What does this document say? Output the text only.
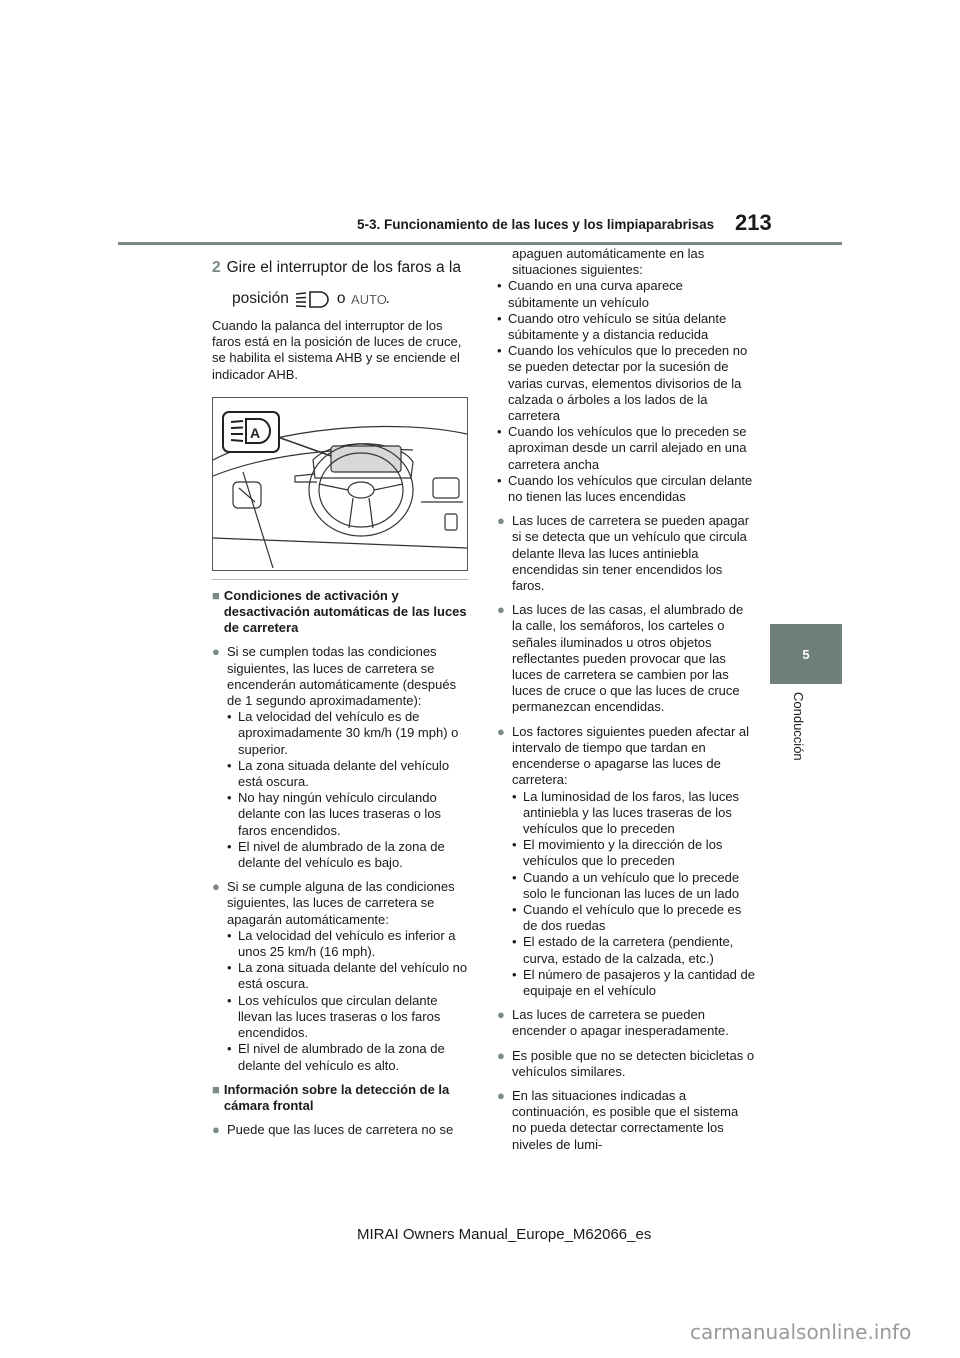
5-3. Funcionamiento de las luces y los limpiaparabrisas 213
5
Conducción

2 Gire el interruptor de los faros a la

posición	o AUTO .

Cuando la palanca del interruptor de los faros está en la posición de luces de cruce, se habilita el sistema AHB y se enciende el indicador AHB.

A
■ Condiciones de activación y desactivación automáticas de las luces de carretera
● Si se cumplen todas las condiciones siguientes, las luces de carretera se encenderán automáticamente (después de 1 segundo aproximadamente):
• La velocidad del vehículo es de aproximadamente 30 km/h (19 mph) o superior.
• La zona situada delante del vehículo está oscura.
• No hay ningún vehículo circulando delante con las luces traseras o los faros encendidos.
• El nivel de alumbrado de la zona de delante del vehículo es bajo.
● Si se cumple alguna de las condiciones siguientes, las luces de carretera se apagarán automáticamente:
• La velocidad del vehículo es inferior a unos 25 km/h (16 mph).
• La zona situada delante del vehículo no está oscura.
• Los vehículos que circulan delante llevan las luces traseras o los faros encendidos.
• El nivel de alumbrado de la zona de delante del vehículo es alto.
■ Información sobre la detección de la cámara frontal
● Puede que las luces de carretera no se
apaguen automáticamente en las situaciones siguientes:
• Cuando en una curva aparece súbitamente un vehículo
• Cuando otro vehículo se sitúa delante súbitamente y a distancia reducida
• Cuando los vehículos que lo preceden no se pueden detectar por la sucesión de varias curvas, elementos divisorios de la calzada o árboles a los lados de la carretera
• Cuando los vehículos que lo preceden se aproximan desde un carril alejado en una carretera ancha
• Cuando los vehículos que circulan delante no tienen las luces encendidas
● Las luces de carretera se pueden apagar si se detecta que un vehículo que circula delante lleva las luces antiniebla encendidas sin tener encendidos los faros.
● Las luces de las casas, el alumbrado de la calle, los semáforos, los carteles o señales iluminados u otros objetos reflectantes pueden provocar que las luces de carretera se cambien por las luces de cruce o que las luces de cruce permanezcan encendidas.
● Los factores siguientes pueden afectar al intervalo de tiempo que tardan en encenderse o apagarse las luces de carretera:
• La luminosidad de los faros, las luces antiniebla y las luces traseras de los vehículos que lo preceden
• El movimiento y la dirección de los vehículos que lo preceden
• Cuando a un vehículo que lo precede solo le funcionan las luces de un lado
• Cuando el vehículo que lo precede es de dos ruedas
• El estado de la carretera (pendiente, curva, estado de la calzada, etc.)
• El número de pasajeros y la cantidad de equipaje en el vehículo
● Las luces de carretera se pueden encender o apagar inesperadamente.
● Es posible que no se detecten bicicletas o vehículos similares.
● En las situaciones indicadas a continuación, es posible que el sistema no pueda detectar correctamente los niveles de lumi-
MIRAI Owners Manual_Europe_M62066_es
carmanualsonline.info
